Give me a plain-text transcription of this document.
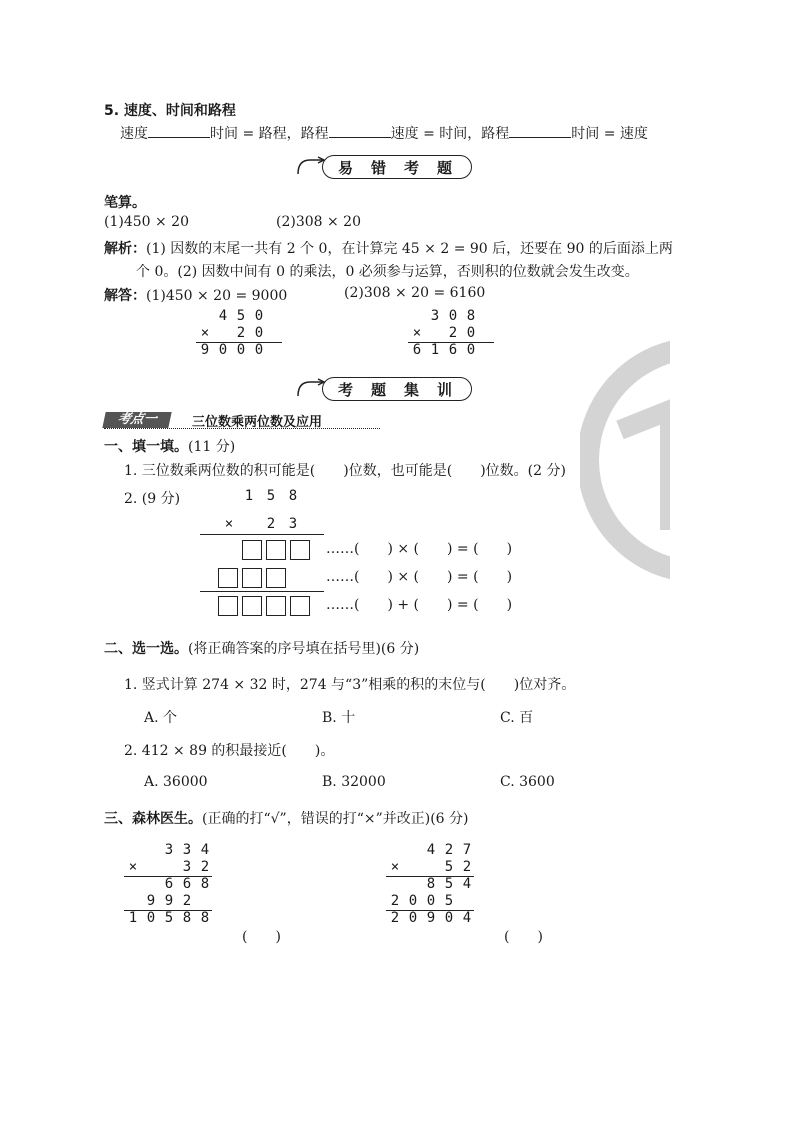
5. 速度、时间和路程
速度	时间 = 路程，路程	速度 = 时间，路程	时间 = 速度
易错考题
笔算。
(1)450 × 20	(2)308 × 20
解析：(1) 因数的末尾一共有 2 个 0，在计算完 45 × 2 = 90 后，还要在 90 的后面添上两
个 0。(2) 因数中间有 0 的乘法，0 必须参与运算，否则积的位数就会发生改变。
解答：(1)450 × 20 = 9000	(2)308 × 20 = 6160
4 5 0
×	2 0
9 0 0 0
3 0 8
×	2 0
6 1 6 0
考题集训
考点一	三位数乘两位数及应用
一、填一填。(11 分)
1. 三位数乘两位数的积可能是(　　)位数，也可能是(　　)位数。(2 分)
2. (9 分)	1 5 8
×	2 3
……(　　) × (　　) = (　　)
……(　　) × (　　) = (　　)
……(　　) + (　　) = (　　)
二、选一选。(将正确答案的序号填在括号里)(6 分)
1. 竖式计算 274 × 32 时，274 与“3”相乘的积的末位与(　　)位对齐。
A. 个	B. 十	C. 百
2. 412 × 89 的积最接近(　　)。
A. 36000	B. 32000	C. 3600
三、森林医生。(正确的打“√”，错误的打“×”并改正)(6 分)
3 3 4
×	3 2
6 6 8
9 9 2
1 0 5 8 8
(　　)
4 2 7
×	5 2
8 5 4
2 0 0 5
2 0 9 0 4
(　　)
